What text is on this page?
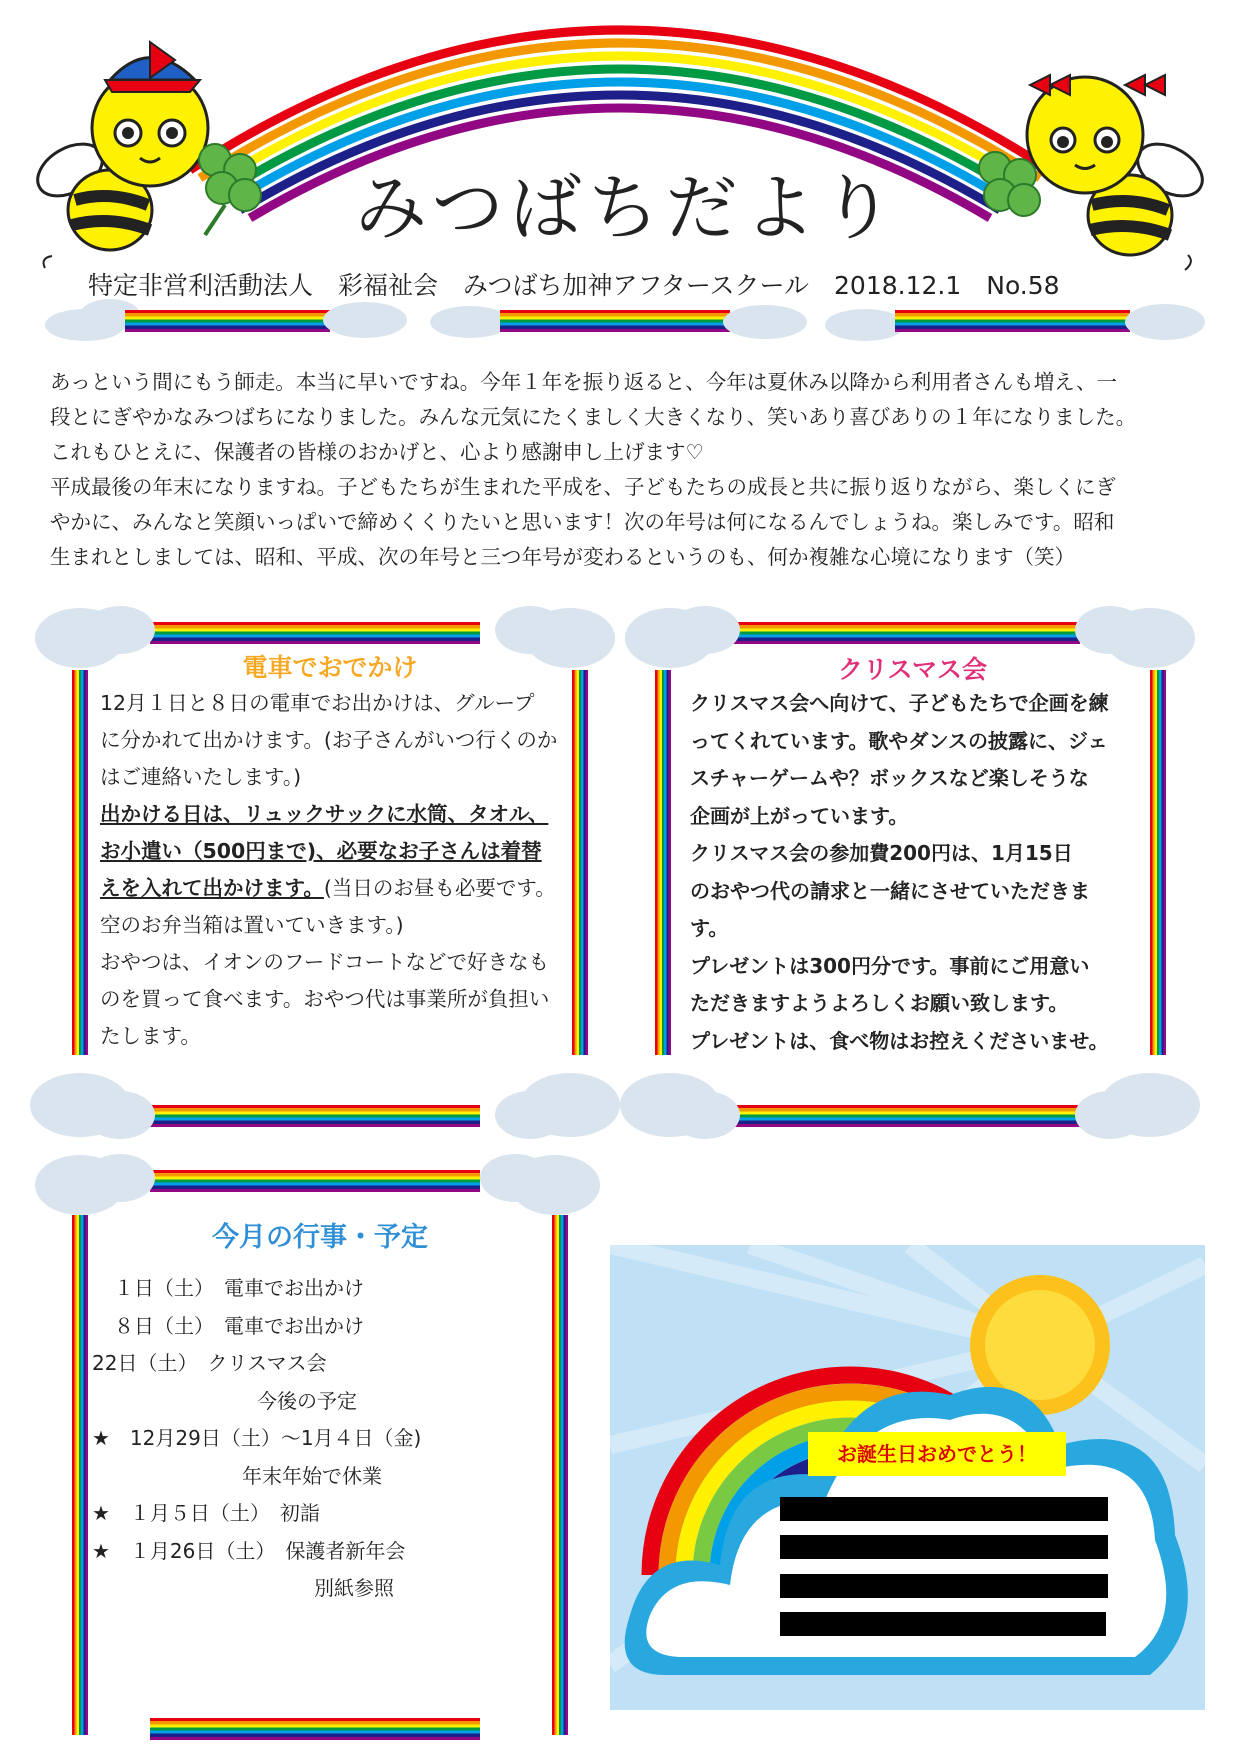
みつばちだより
特定非営利活動法人　彩福祉会　みつばち加神アフタースクール　2018.12.1　No.58

あっという間にもう師走。本当に早いですね。今年１年を振り返ると、今年は夏休み以降から利用者さんも増え、一

段とにぎやかなみつばちになりました。みんな元気にたくましく大きくなり、笑いあり喜びありの１年になりました。

これもひとえに、保護者の皆様のおかげと、心より感謝申し上げます♡

平成最後の年末になりますね。子どもたちが生まれた平成を、子どもたちの成長と共に振り返りながら、楽しくにぎ

やかに、みんなと笑顔いっぱいで締めくくりたいと思います！次の年号は何になるんでしょうね。楽しみです。昭和

生まれとしましては、昭和、平成、次の年号と三つ年号が変わるというのも、何か複雑な心境になります（笑）

電車でおでかけ

12月１日と８日の電車でお出かけは、グループ

に分かれて出かけます。(お子さんがいつ行くのか

はご連絡いたします。)

出かける日は、リュックサックに水筒、タオル、

お小遣い（500円まで)、必要なお子さんは着替

えを入れて出かけます。(当日のお昼も必要です。

空のお弁当箱は置いていきます。)

おやつは、イオンのフードコートなどで好きなも

のを買って食べます。おやつ代は事業所が負担い

たします。

クリスマス会

クリスマス会へ向けて、子どもたちで企画を練

ってくれています。歌やダンスの披露に、ジェ

スチャーゲームや？ボックスなど楽しそうな

企画が上がっています。

クリスマス会の参加費200円は、1月15日

のおやつ代の請求と一緒にさせていただきま

す。

プレゼントは300円分です。事前にご用意い

ただきますようよろしくお願い致します。

プレゼントは、食べ物はお控えくださいませ。

今月の行事・予定
１日（土）　電車でお出かけ
８日（土）　電車でお出かけ
22日（土）　クリスマス会
今後の予定
★　12月29日（土）～1月４日（金)
年末年始で休業
★　１月５日（土）　初詣
★　１月26日（土）　保護者新年会
別紙参照
お誕生日おめでとう！
